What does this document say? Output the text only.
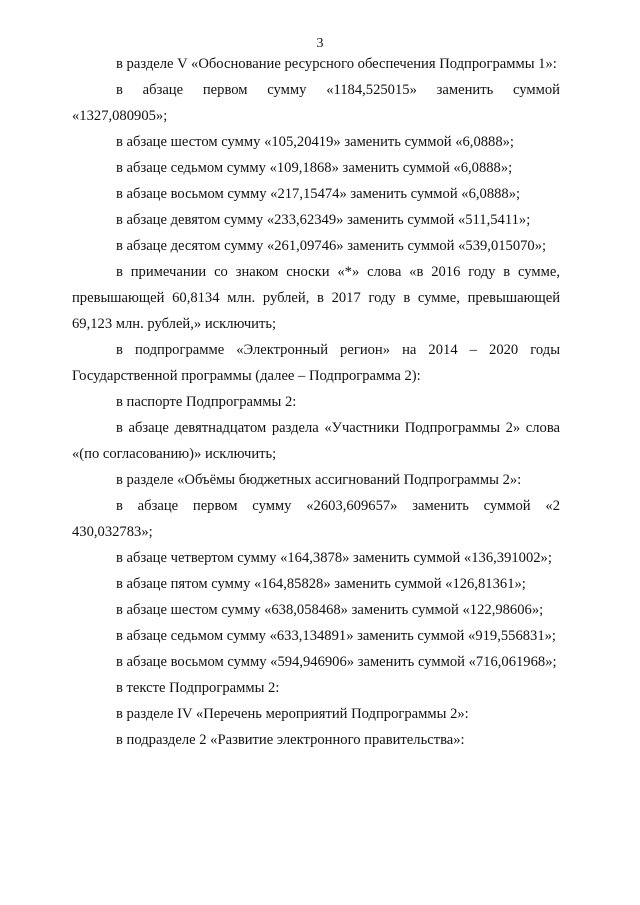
3

в разделе V «Обоснование ресурсного обеспечения Подпрограммы 1»:

в абзаце первом сумму «1184,525015» заменить суммой «1327,080905»;

в абзаце шестом сумму «105,20419» заменить суммой «6,0888»;

в абзаце седьмом сумму «109,1868» заменить суммой «6,0888»;

в абзаце восьмом сумму «217,15474» заменить суммой «6,0888»;

в абзаце девятом сумму «233,62349» заменить суммой «511,5411»;

в абзаце десятом сумму «261,09746» заменить суммой «539,015070»;

в примечании со знаком сноски «*» слова «в 2016 году в сумме, превышающей 60,8134 млн. рублей, в 2017 году в сумме, превышающей 69,123 млн. рублей,» исключить;

в подпрограмме «Электронный регион» на 2014 – 2020 годы Государственной программы (далее – Подпрограмма 2):

в паспорте Подпрограммы 2:

в абзаце девятнадцатом раздела «Участники Подпрограммы 2» слова «(по согласованию)» исключить;

в разделе «Объёмы бюджетных ассигнований Подпрограммы 2»:

в абзаце первом сумму «2603,609657» заменить суммой «2 430,032783»;

в абзаце четвертом сумму «164,3878» заменить суммой «136,391002»;

в абзаце пятом сумму «164,85828» заменить суммой «126,81361»;

в абзаце шестом сумму «638,058468» заменить суммой «122,98606»;

в абзаце седьмом сумму «633,134891» заменить суммой «919,556831»;

в абзаце восьмом сумму «594,946906» заменить суммой «716,061968»;

в тексте Подпрограммы 2:

в разделе IV «Перечень мероприятий Подпрограммы 2»:

в подразделе 2 «Развитие электронного правительства»:
